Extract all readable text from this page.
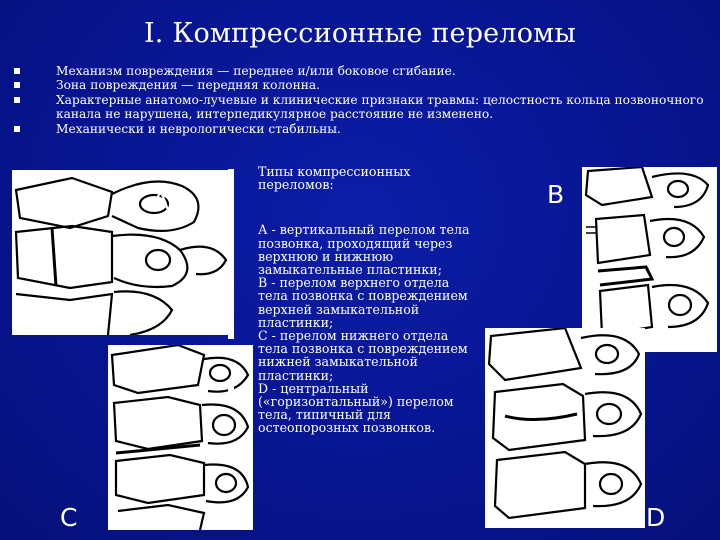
I. Компрессионные переломы
Механизм повреждения — переднее и/или боковое сгибание.
Зона повреждения — передняя колонна.
Характерные анатомо-лучевые и клинические признаки травмы: целостность кольца позвоночного канала не нарушена, интерпедикулярное расстояние не изменено.
Механически и неврологически стабильны.
А	В
С	D
Типы компрессионных переломов:
А - вертикальный перелом тела позвонка, проходящий через верхнюю и нижнюю замыкательные пластинки;
В - перелом верхнего отдела тела позвонка с повреждением верхней замыкательной пластинки;
С - перелом нижнего отдела тела позвонка с повреждением нижней замыкательной пластинки;
D - центральный («горизонтальный») перелом тела, типичный для остеопорозных позвонков.
